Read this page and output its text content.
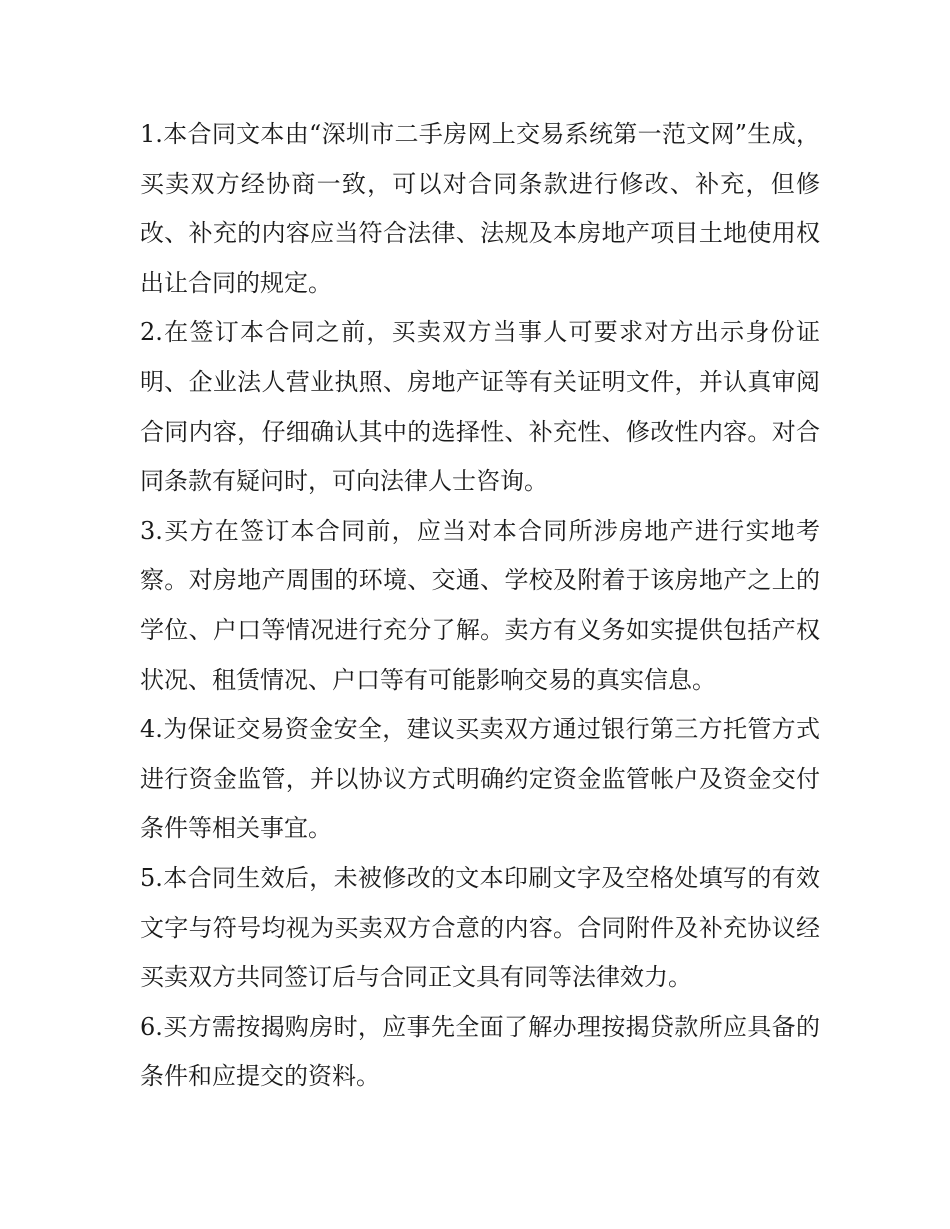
1.本合同文本由“深圳市二手房网上交易系统第一范文网”生成，买卖双方经协商一致，可以对合同条款进行修改、补充，但修改、补充的内容应当符合法律、法规及本房地产项目土地使用权出让合同的规定。

2.在签订本合同之前，买卖双方当事人可要求对方出示身份证明、企业法人营业执照、房地产证等有关证明文件，并认真审阅合同内容，仔细确认其中的选择性、补充性、修改性内容。对合同条款有疑问时，可向法律人士咨询。

3.买方在签订本合同前，应当对本合同所涉房地产进行实地考察。对房地产周围的环境、交通、学校及附着于该房地产之上的学位、户口等情况进行充分了解。卖方有义务如实提供包括产权状况、租赁情况、户口等有可能影响交易的真实信息。

4.为保证交易资金安全，建议买卖双方通过银行第三方托管方式进行资金监管，并以协议方式明确约定资金监管帐户及资金交付条件等相关事宜。

5.本合同生效后，未被修改的文本印刷文字及空格处填写的有效文字与符号均视为买卖双方合意的内容。合同附件及补充协议经买卖双方共同签订后与合同正文具有同等法律效力。

6.买方需按揭购房时，应事先全面了解办理按揭贷款所应具备的条件和应提交的资料。
